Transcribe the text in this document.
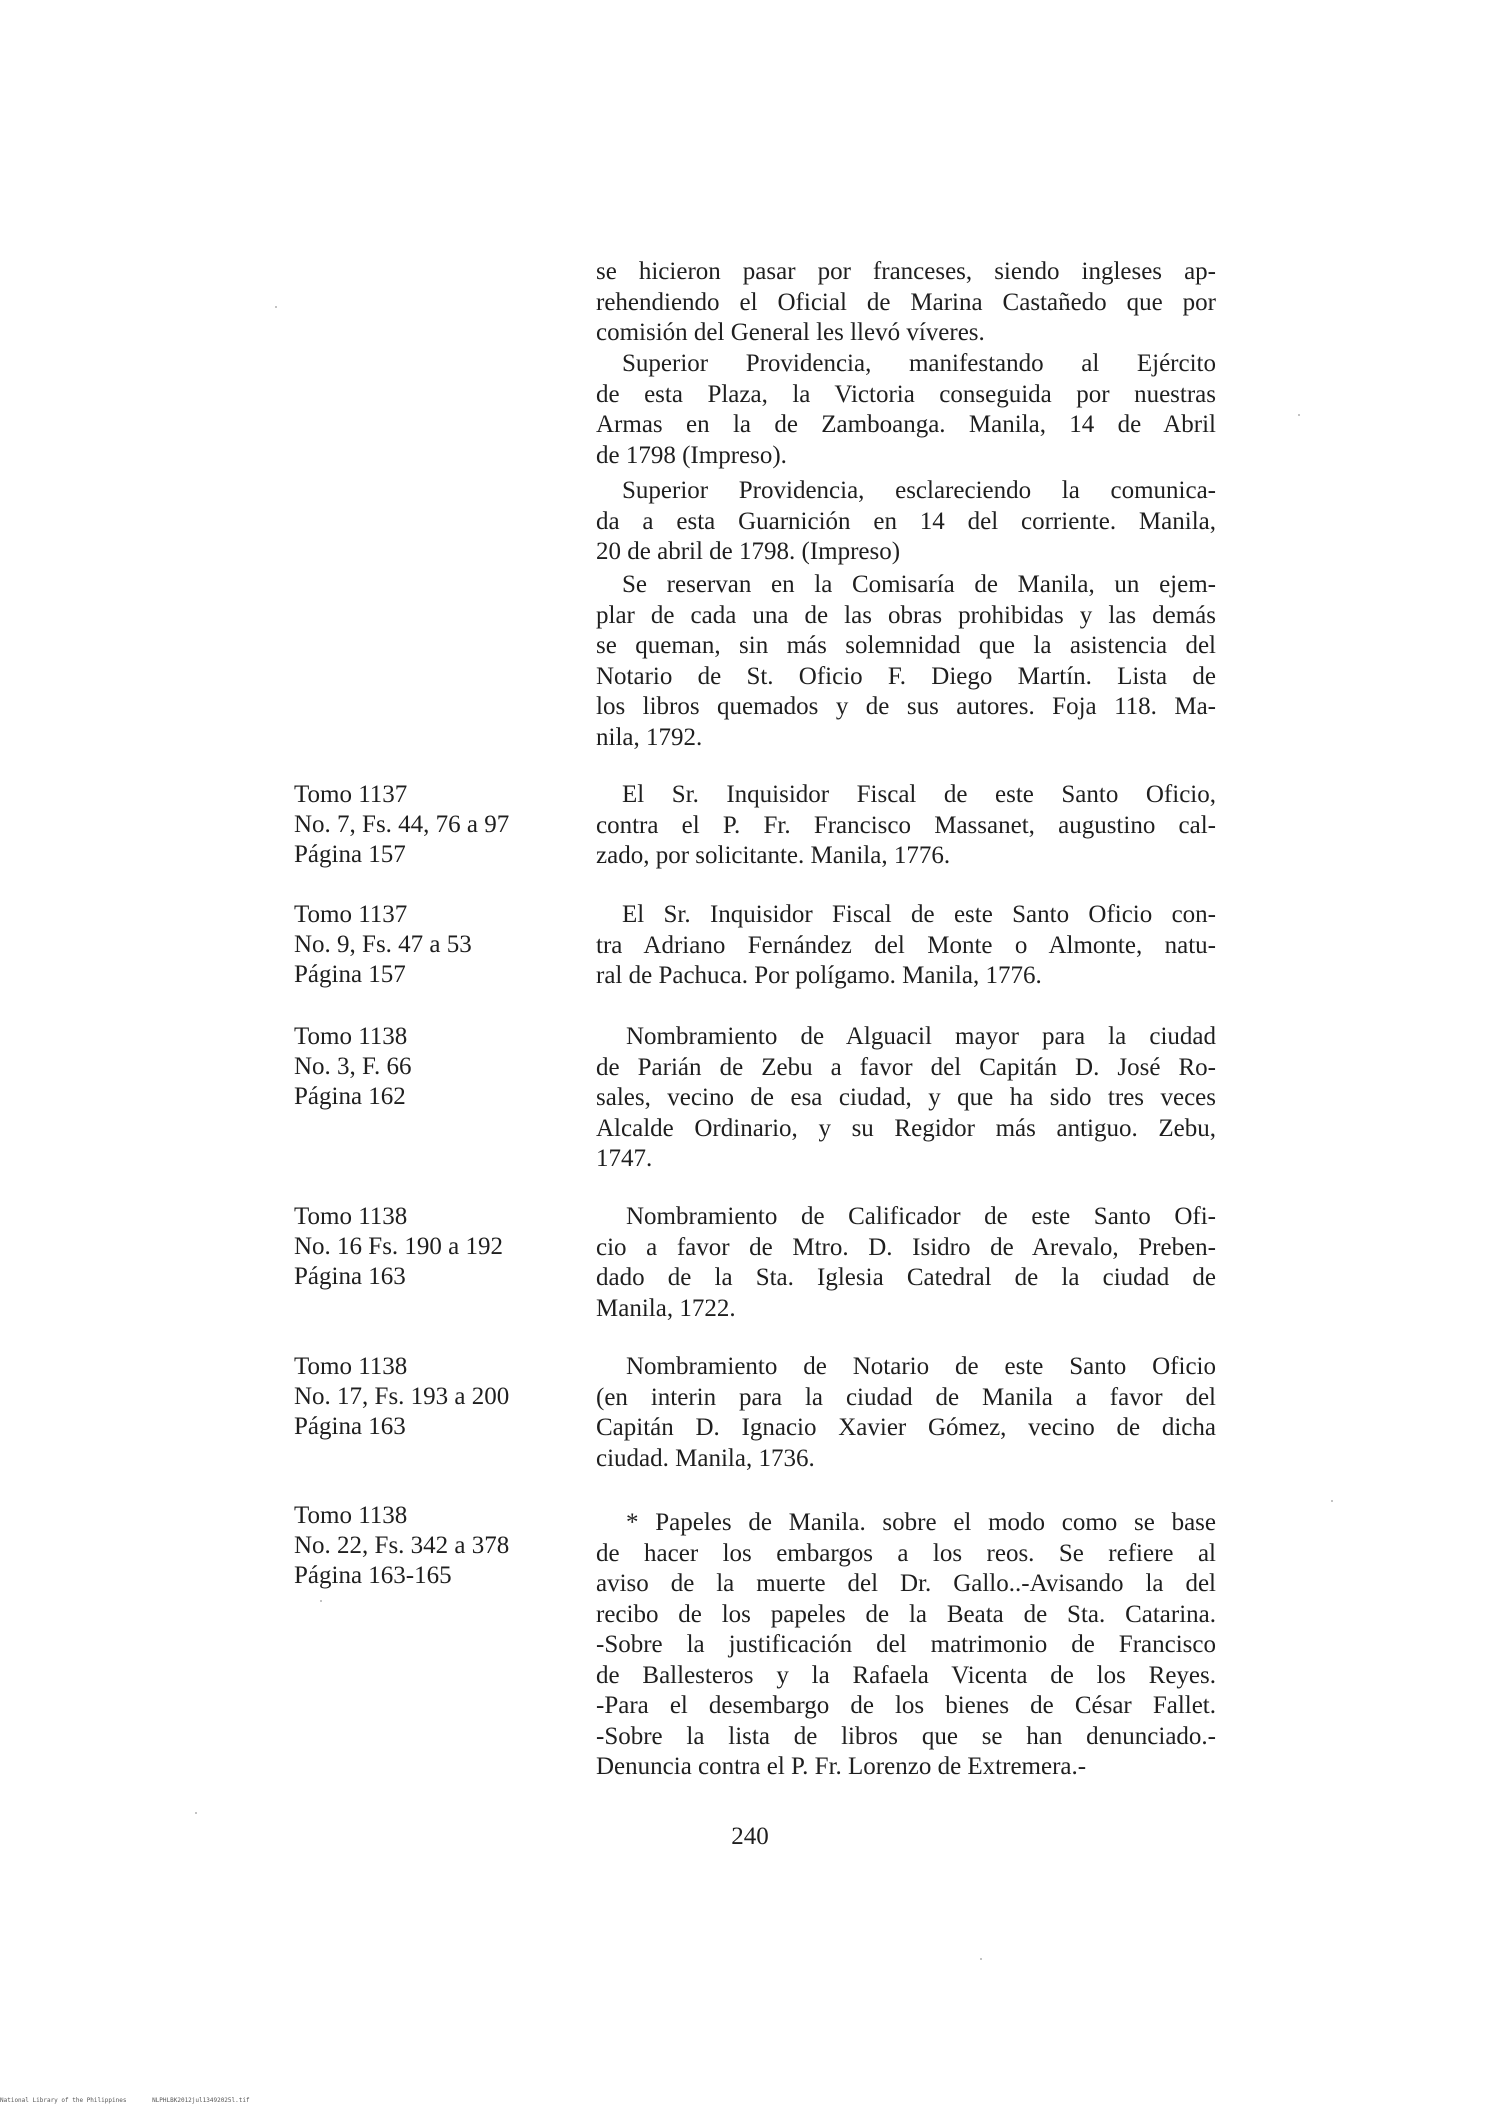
se hicieron pasar por franceses, siendo ingleses ap-
rehendiendo el Oficial de Marina Castañedo que por
comisión del General les llevó víveres.
Superior Providencia, manifestando al Ejército
de esta Plaza, la Victoria conseguida por nuestras
Armas en la de Zamboanga. Manila, 14 de Abril
de 1798 (Impreso).
Superior Providencia, esclareciendo la comunica-
da a esta Guarnición en 14 del corriente. Manila,
20 de abril de 1798. (Impreso)
Se reservan en la Comisaría de Manila, un ejem-
plar de cada una de las obras prohibidas y las demás
se queman, sin más solemnidad que la asistencia del
Notario de St. Oficio F. Diego Martín. Lista de
los libros quemados y de sus autores. Foja 118. Ma-
nila, 1792.
Tomo 1137
No. 7, Fs. 44, 76 a 97
Página 157
El Sr. Inquisidor Fiscal de este Santo Oficio,
contra el P. Fr. Francisco Massanet, augustino cal-
zado, por solicitante. Manila, 1776.
Tomo 1137
No. 9, Fs. 47 a 53
Página 157
El Sr. Inquisidor Fiscal de este Santo Oficio con-
tra Adriano Fernández del Monte o Almonte, natu-
ral de Pachuca. Por polígamo. Manila, 1776.
Tomo 1138
No. 3, F. 66
Página 162
Nombramiento de Alguacil mayor para la ciudad
de Parián de Zebu a favor del Capitán D. José Ro-
sales, vecino de esa ciudad, y que ha sido tres veces
Alcalde Ordinario, y su Regidor más antiguo. Zebu,
1747.
Tomo 1138
No. 16 Fs. 190 a 192
Página 163
Nombramiento de Calificador de este Santo Ofi-
cio a favor de Mtro. D. Isidro de Arevalo, Preben-
dado de la Sta. Iglesia Catedral de la ciudad de
Manila, 1722.
Tomo 1138
No. 17, Fs. 193 a 200
Página 163
Nombramiento de Notario de este Santo Oficio
(en interin para la ciudad de Manila a favor del
Capitán D. Ignacio Xavier Gómez, vecino de dicha
ciudad. Manila, 1736.
Tomo 1138
No. 22, Fs. 342 a 378
Página 163-165
* Papeles de Manila. sobre el modo como se base
de hacer los embargos a los reos. Se refiere al
aviso de la muerte del Dr. Gallo..-Avisando la del
recibo de los papeles de la Beata de Sta. Catarina.
-Sobre la justificación del matrimonio de Francisco
de Ballesteros y la Rafaela Vicenta de los Reyes.
-Para el desembargo de los bienes de César Fallet.
-Sobre la lista de libros que se han denunciado.-
Denuncia contra el P. Fr. Lorenzo de Extremera.-
240
National Library of the Philippines	NLPHLBK2012jul13492025l.tif
